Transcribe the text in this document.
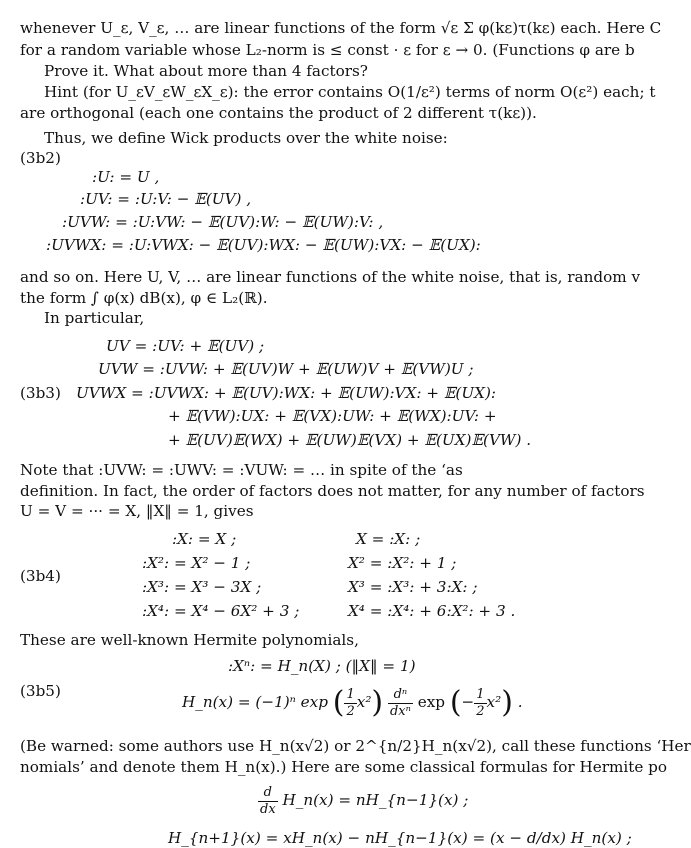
whenever U_ε, V_ε, … are linear functions of the form √ε Σ φ(kε)τ(kε) each. Here C
for a random variable whose L₂-norm is ≤ const · ε for ε → 0. (Functions φ are b
Prove it. What about more than 4 factors?
Hint (for U_εV_εW_εX_ε): the error contains O(1/ε²) terms of norm O(ε²) each; t
are orthogonal (each one contains the product of 2 different τ(kε)).
Thus, we define Wick products over the white noise:
(3b2)
:U: = U ,
:UV: = :U:V: − 𝔼(UV) ,
:UVW: = :U:VW: − 𝔼(UV):W: − 𝔼(UW):V: ,
:UVWX: = :U:VWX: − 𝔼(UV):WX: − 𝔼(UW):VX: − 𝔼(UX):
and so on. Here U, V, … are linear functions of the white noise, that is, random v
the form ∫ φ(x) dB(x), φ ∈ L₂(ℝ).
In particular,
UV = :UV: + 𝔼(UV) ;
UVW = :UVW: + 𝔼(UV)W + 𝔼(UW)V + 𝔼(VW)U ;
(3b3) UVWX = :UVWX: + 𝔼(UV):WX: + 𝔼(UW):VX: + 𝔼(UX):
+ 𝔼(VW):UX: + 𝔼(VX):UW: + 𝔼(WX):UV: +
+ 𝔼(UV)𝔼(WX) + 𝔼(UW)𝔼(VX) + 𝔼(UX)𝔼(VW) .
Note that :UVW: = :UWV: = :VUW: = … in spite of the ‘as
definition. In fact, the order of factors does not matter, for any number of factors
U = V = ··· = X, ‖X‖ = 1, gives
:X: = X ;
:X²: = X² − 1 ;
(3b4)
:X³: = X³ − 3X ;
:X⁴: = X⁴ − 6X² + 3 ;
X = :X: ;
X² = :X²: + 1 ;
X³ = :X³: + 3:X: ;
X⁴ = :X⁴: + 6:X²: + 3 .
These are well-known Hermite polynomials,
:Xⁿ: = H_n(X) ; (‖X‖ = 1)
(3b5)
H_n(x) = (−1)ⁿ exp ( $\frac{1}{2} x^2) \frac{\text{dⁿ}}{\text{dxⁿ}}$ exp (− $\frac{1}{2} x^2$) .
(Be warned: some authors use H_n(x√2) or 2^{n/2}H_n(x√2), call these functions ‘Her
nomials’ and denote them H_n(x).) Here are some classical formulas for Hermite po
$\frac{d}{dx}$ H_n(x) = nH_{n−1}(x) ;
H_{n+1}(x) = xH_n(x) − nH_{n−1}(x) = (x − d/dx) H_n(x) ;
